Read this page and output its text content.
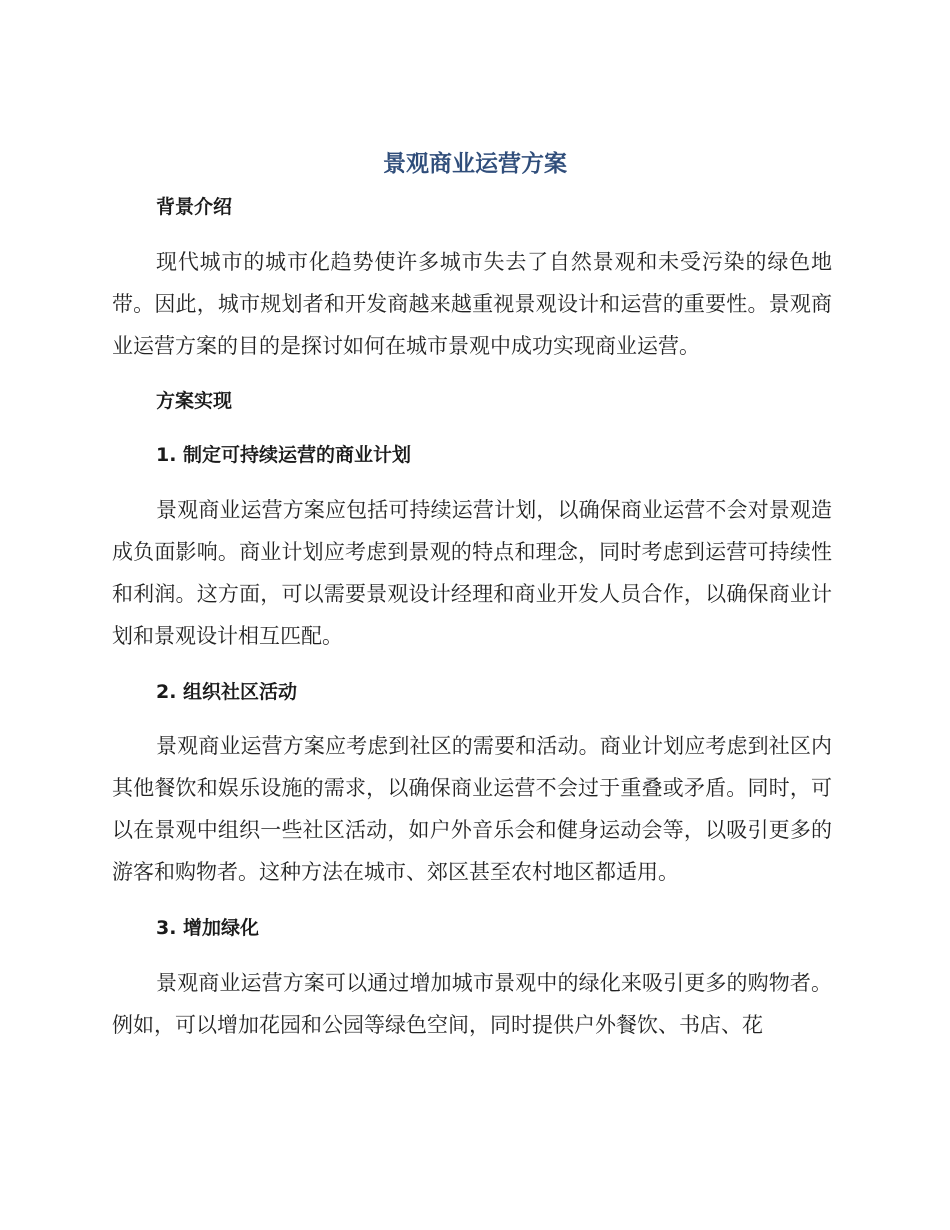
景观商业运营方案
背景介绍
现代城市的城市化趋势使许多城市失去了自然景观和未受污染的绿色地带。因此，城市规划者和开发商越来越重视景观设计和运营的重要性。景观商业运营方案的目的是探讨如何在城市景观中成功实现商业运营。
方案实现
1. 制定可持续运营的商业计划
景观商业运营方案应包括可持续运营计划，以确保商业运营不会对景观造成负面影响。商业计划应考虑到景观的特点和理念，同时考虑到运营可持续性和利润。这方面，可以需要景观设计经理和商业开发人员合作，以确保商业计划和景观设计相互匹配。
2. 组织社区活动
景观商业运营方案应考虑到社区的需要和活动。商业计划应考虑到社区内其他餐饮和娱乐设施的需求，以确保商业运营不会过于重叠或矛盾。同时，可以在景观中组织一些社区活动，如户外音乐会和健身运动会等，以吸引更多的游客和购物者。这种方法在城市、郊区甚至农村地区都适用。
3. 增加绿化
景观商业运营方案可以通过增加城市景观中的绿化来吸引更多的购物者。例如，可以增加花园和公园等绿色空间，同时提供户外餐饮、书店、花
